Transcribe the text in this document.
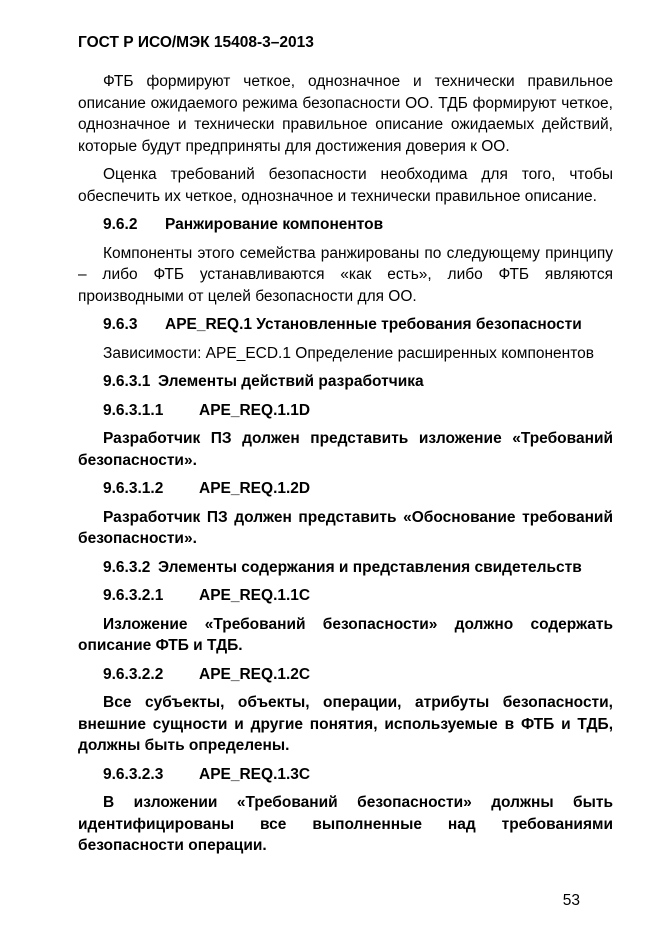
ГОСТ Р ИСО/МЭК 15408-3–2013

ФТБ формируют четкое, однозначное и технически правильное описание ожидаемого режима безопасности ОО. ТДБ формируют четкое, однозначное и технически правильное описание ожидаемых действий, которые будут предприняты для достижения доверия к ОО.

Оценка требований безопасности необходима для того, чтобы обеспечить их четкое, однозначное и технически правильное описание.

9.6.2 Ранжирование компонентов

Компоненты этого семейства ранжированы по следующему принципу – либо ФТБ устанавливаются «как есть», либо ФТБ являются производными от целей безопасности для ОО.

9.6.3 APE_REQ.1 Установленные требования безопасности

Зависимости: APE_ECD.1 Определение расширенных компонентов

9.6.3.1 Элементы действий разработчика

9.6.3.1.1 APE_REQ.1.1D

Разработчик ПЗ должен представить изложение «Требований безопасности».

9.6.3.1.2 APE_REQ.1.2D

Разработчик ПЗ должен представить «Обоснование требований безопасности».

9.6.3.2 Элементы содержания и представления свидетельств

9.6.3.2.1 APE_REQ.1.1C

Изложение «Требований безопасности» должно содержать описание ФТБ и ТДБ.

9.6.3.2.2 APE_REQ.1.2C

Все субъекты, объекты, операции, атрибуты безопасности, внешние сущности и другие понятия, используемые в ФТБ и ТДБ, должны быть определены.

9.6.3.2.3 APE_REQ.1.3C

В изложении «Требований безопасности» должны быть идентифицированы все выполненные над требованиями безопасности операции.

53
